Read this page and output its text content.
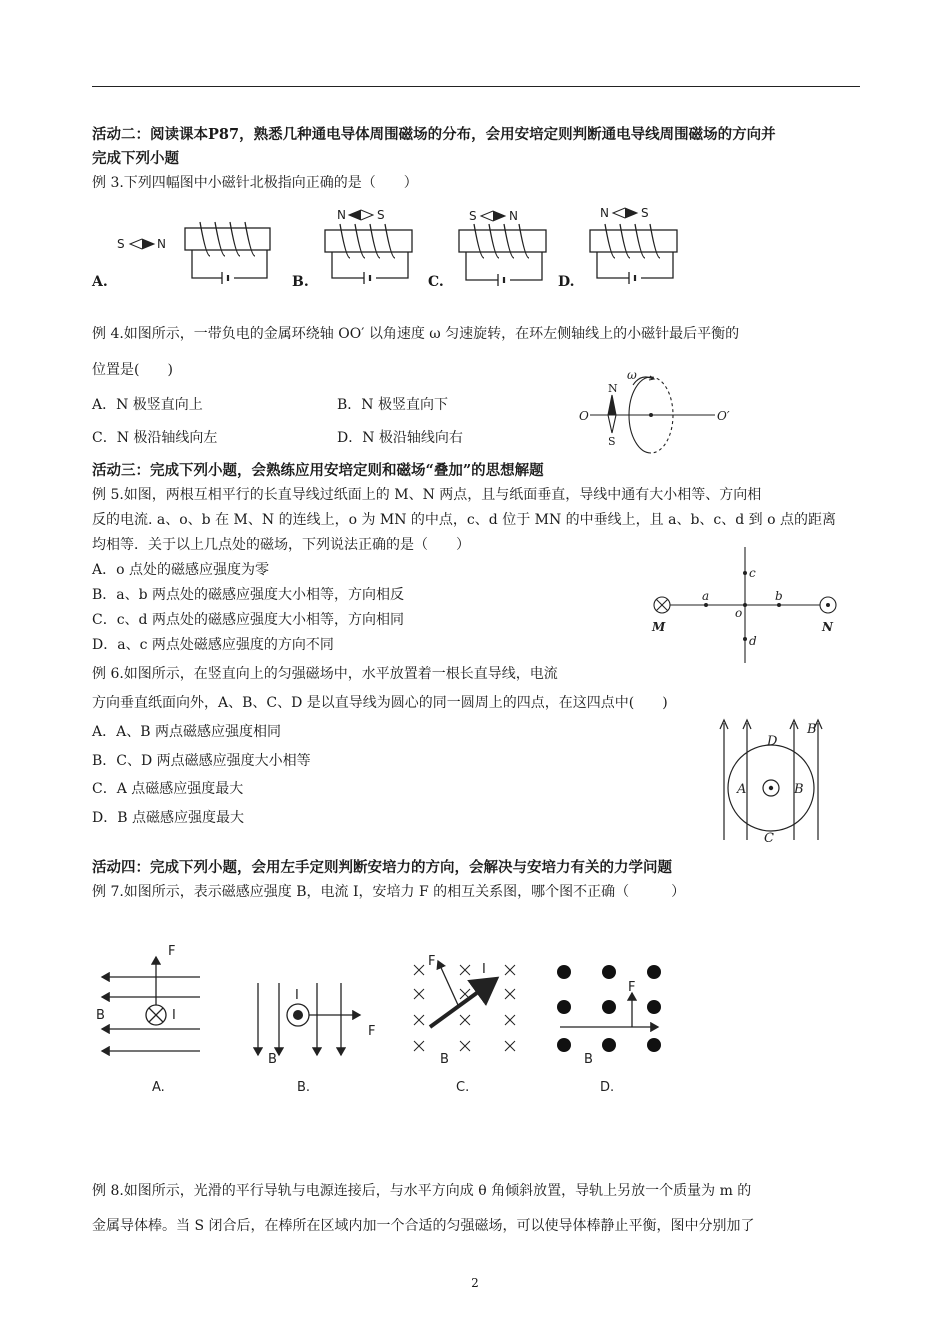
活动二：阅读课本P87，熟悉几种通电导体周围磁场的分布，会用安培定则判断通电导线周围磁场的方向并
完成下列小题
例 3.下列四幅图中小磁针北极指向正确的是（　　）
S	N
N	S	S	N	N	S
A.	B.	C.	D.
例 4.如图所示，一带负电的金属环绕轴 OO′ 以角速度 ω 匀速旋转，在环左侧轴线上的小磁针最后平衡的
位置是(　　)
A．N 极竖直向上	B．N 极竖直向下
C．N 极沿轴线向左	D．N 极沿轴线向右
O	O′
ω
N
S
活动三：完成下列小题，会熟练应用安培定则和磁场“叠加”的思想解题
例 5.如图，两根互相平行的长直导线过纸面上的 M、N 两点，且与纸面垂直，导线中通有大小相等、方向相
反的电流. a、o、b 在 M、N 的连线上，o 为 MN 的中点，c、d 位于 MN 的中垂线上，且 a、b、c、d 到 o 点的距离
均相等．关于以上几点处的磁场，下列说法正确的是（　　）
A．o 点处的磁感应强度为零
B．a、b 两点处的磁感应强度大小相等，方向相反
C．c、d 两点处的磁感应强度大小相等，方向相同
D．a、c 两点处磁感应强度的方向不同
a
o
b
c
d
M	N
例 6.如图所示，在竖直向上的匀强磁场中，水平放置着一根长直导线，电流
方向垂直纸面向外，A、B、C、D 是以直导线为圆心的同一圆周上的四点，在这四点中(　　)
A．A、B 两点磁感应强度相同
B．C、D 两点磁感应强度大小相等
C．A 点磁感应强度最大
D．B 点磁感应强度最大
D
A	B
C
B
活动四：完成下列小题，会用左手定则判断安培力的方向，会解决与安培力有关的力学问题
例 7.如图所示，表示磁感应强度 B，电流 I，安培力 F 的相互关系图，哪个图不正确（　　　）
F
B	I
I
F
B
F
I
B
F
B
A.	B.	C.	D.
例 8.如图所示，光滑的平行导轨与电源连接后，与水平方向成 θ 角倾斜放置，导轨上另放一个质量为 m 的
金属导体棒。当 S 闭合后，在棒所在区域内加一个合适的匀强磁场，可以使导体棒静止平衡，图中分别加了
2
